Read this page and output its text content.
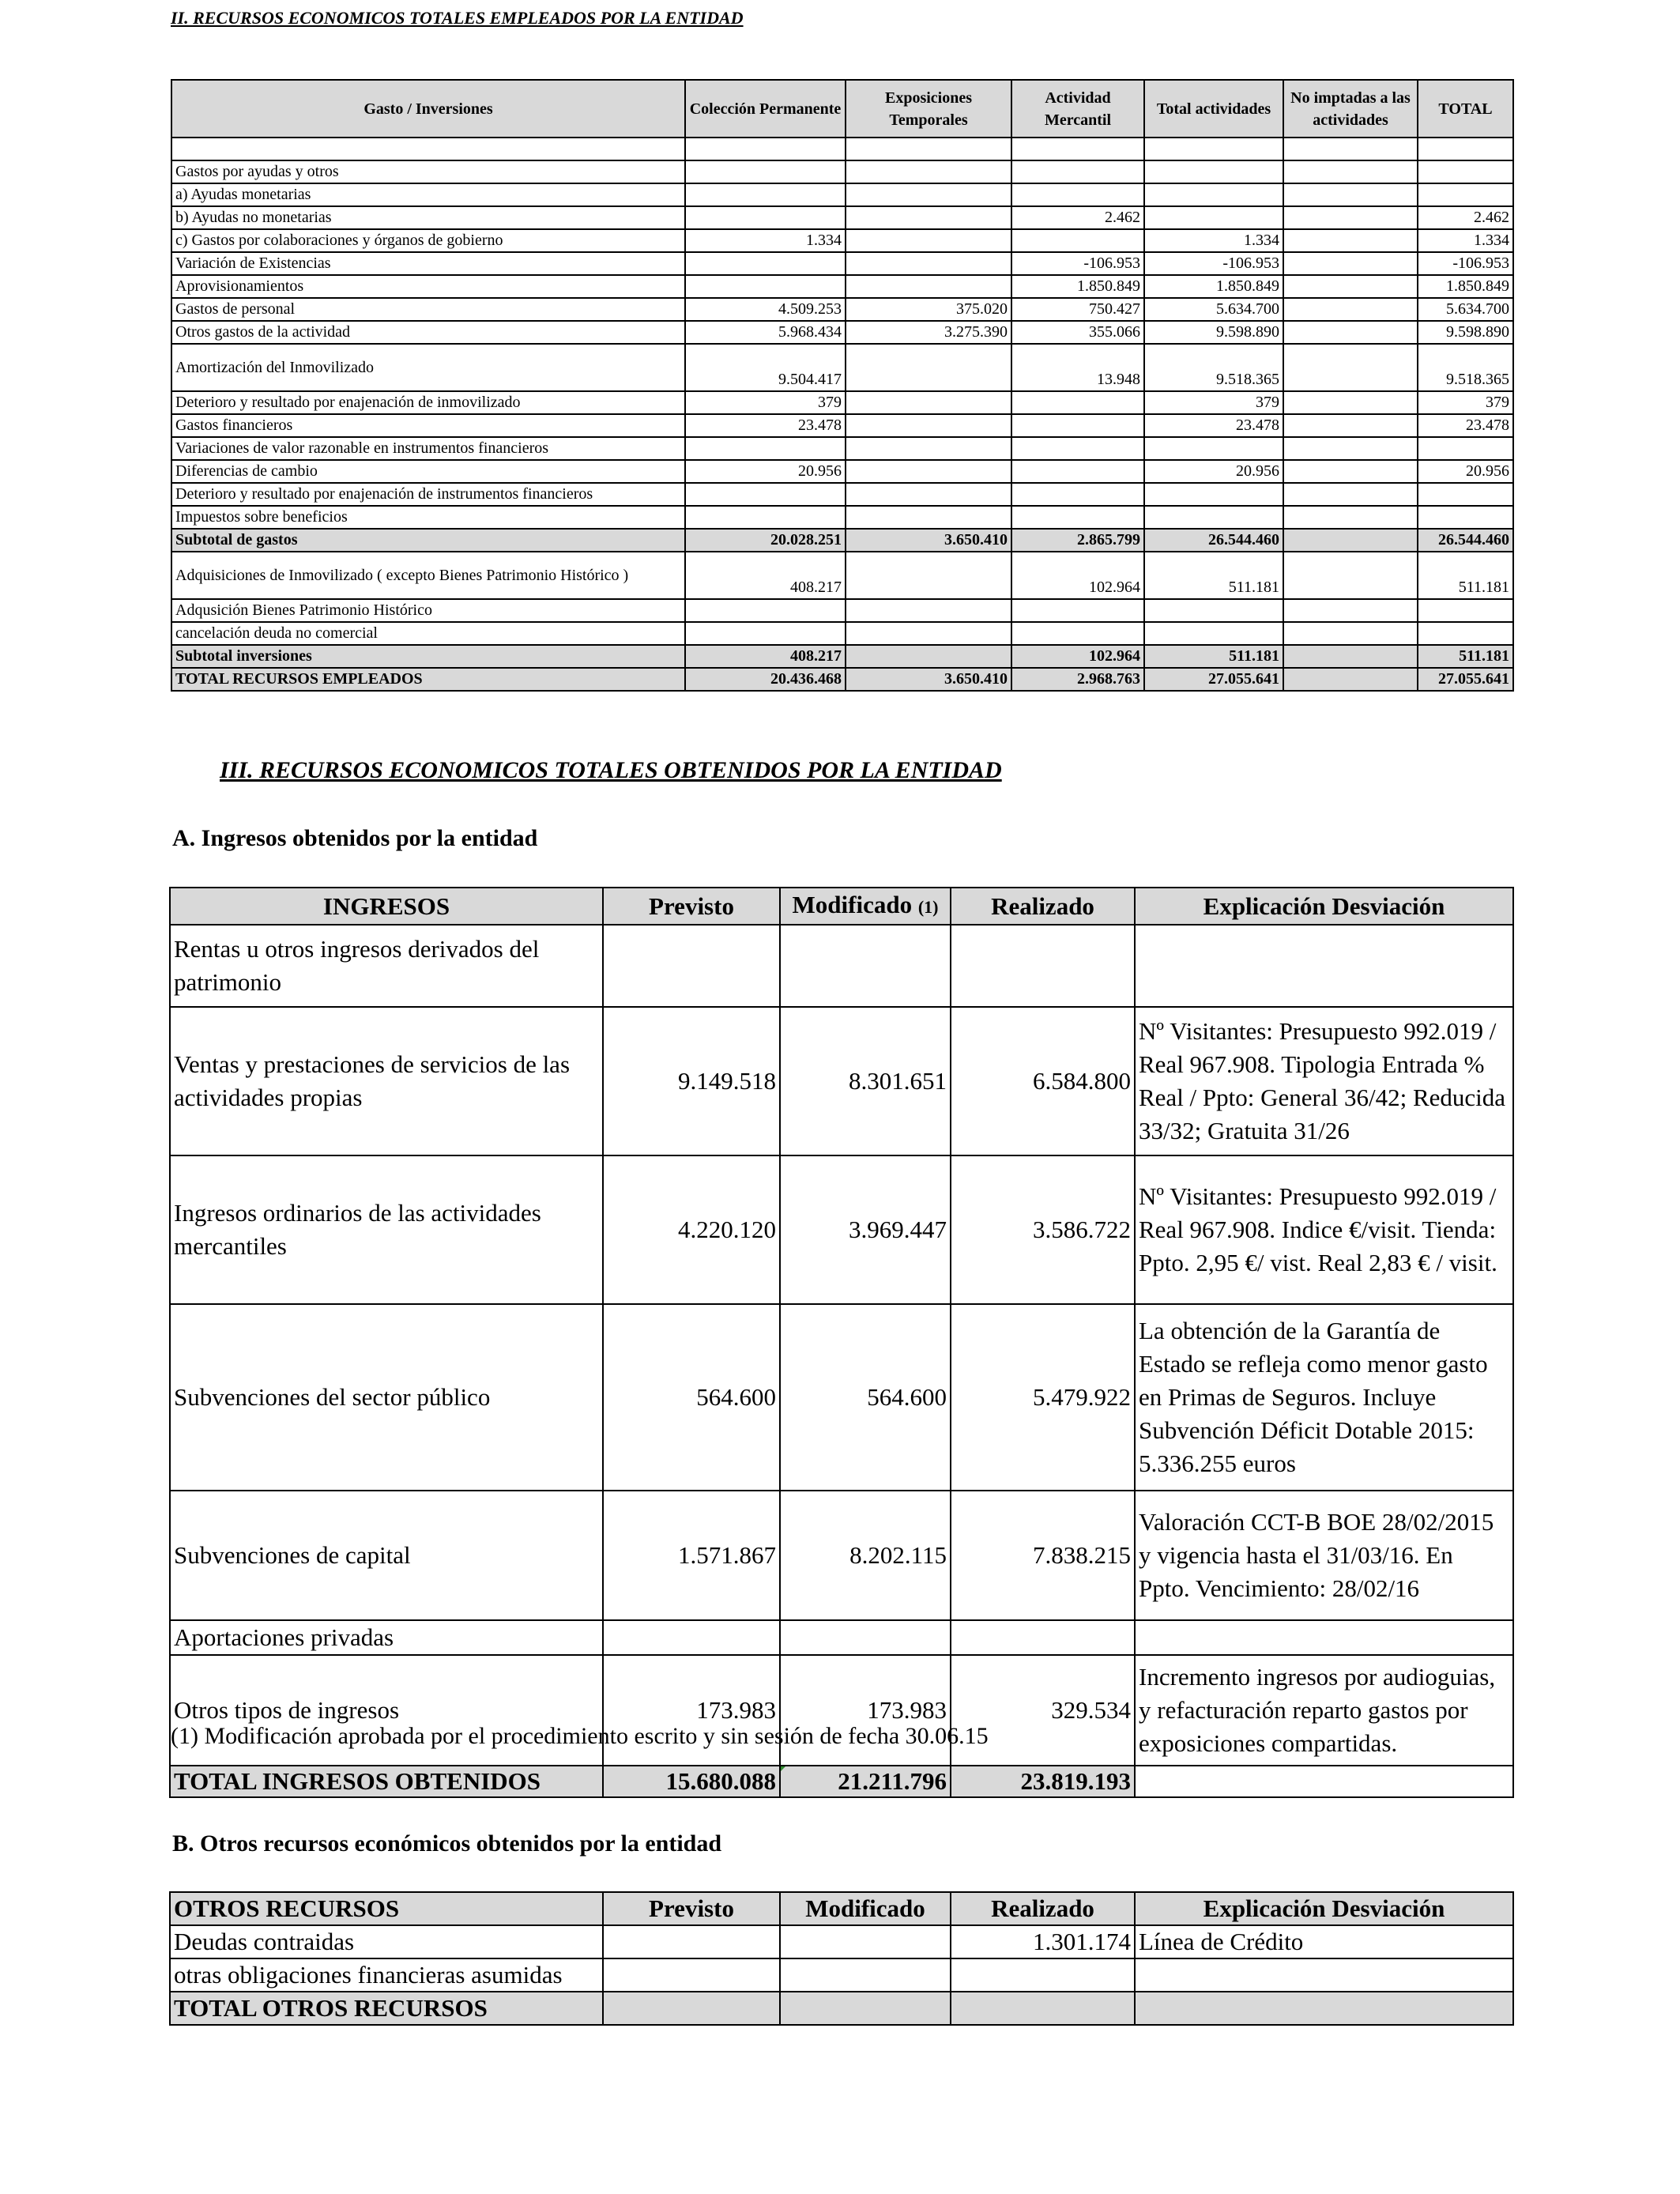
II. RECURSOS ECONOMICOS TOTALES EMPLEADOS POR LA ENTIDAD
Gasto / Inversiones	Colección Permanente	Exposiciones Temporales	Actividad Mercantil	Total actividades	No imptadas a las actividades	TOTAL

Gastos por ayudas y otros						
a) Ayudas monetarias						
b) Ayudas no monetarias			2.462			2.462
c) Gastos por colaboraciones y órganos de gobierno	1.334			1.334		1.334
Variación de Existencias			-106.953	-106.953		-106.953
Aprovisionamientos			1.850.849	1.850.849		1.850.849
Gastos de personal	4.509.253	375.020	750.427	5.634.700		5.634.700
Otros gastos de la actividad	5.968.434	3.275.390	355.066	9.598.890		9.598.890
Amortización del Inmovilizado	9.504.417		13.948	9.518.365		9.518.365
Deterioro y resultado por enajenación de inmovilizado	379			379		379
Gastos financieros	23.478			23.478		23.478
Variaciones de valor razonable en instrumentos financieros						
Diferencias de cambio	20.956			20.956		20.956
Deterioro y resultado por enajenación de instrumentos financieros						
Impuestos sobre beneficios						
Subtotal de gastos	20.028.251	3.650.410	2.865.799	26.544.460		26.544.460
Adquisiciones de Inmovilizado ( excepto Bienes Patrimonio Histórico )	408.217		102.964	511.181		511.181
Adqusición Bienes Patrimonio Histórico						
cancelación deuda no comercial						
Subtotal inversiones	408.217		102.964	511.181		511.181
TOTAL RECURSOS EMPLEADOS	20.436.468	3.650.410	2.968.763	27.055.641		27.055.641
III. RECURSOS ECONOMICOS TOTALES OBTENIDOS POR LA ENTIDAD
A. Ingresos obtenidos por la entidad
INGRESOS	Previsto	Modificado (1)	Realizado	Explicación Desviación
Rentas u otros ingresos derivados del patrimonio				
Ventas y prestaciones de servicios de las actividades propias	9.149.518	8.301.651	6.584.800	Nº Visitantes: Presupuesto 992.019 / Real 967.908. Tipologia Entrada % Real / Ppto: General 36/42; Reducida 33/32; Gratuita 31/26
Ingresos ordinarios de las actividades mercantiles	4.220.120	3.969.447	3.586.722	Nº Visitantes: Presupuesto 992.019 / Real 967.908. Indice €/visit. Tienda: Ppto. 2,95 €/ vist. Real 2,83 € / visit.
Subvenciones del sector público	564.600	564.600	5.479.922	La obtención de la Garantía de Estado se refleja como menor gasto en Primas de Seguros. Incluye Subvención Déficit Dotable 2015: 5.336.255 euros
Subvenciones de capital	1.571.867	8.202.115	7.838.215	Valoración CCT-B BOE 28/02/2015 y vigencia hasta el 31/03/16. En Ppto. Vencimiento: 28/02/16
Aportaciones privadas				
Otros tipos de ingresos	173.983	173.983	329.534	Incremento ingresos por audioguias, y refacturación reparto gastos por exposiciones compartidas.
TOTAL INGRESOS OBTENIDOS	15.680.088	21.211.796	23.819.193	
(1) Modificación aprobada por el procedimiento escrito y sin sesión de fecha 30.06.15
B. Otros recursos económicos obtenidos por la entidad
OTROS RECURSOS	Previsto	Modificado	Realizado	Explicación Desviación
Deudas contraidas			1.301.174	Línea de Crédito
otras obligaciones financieras asumidas				
TOTAL OTROS RECURSOS				
